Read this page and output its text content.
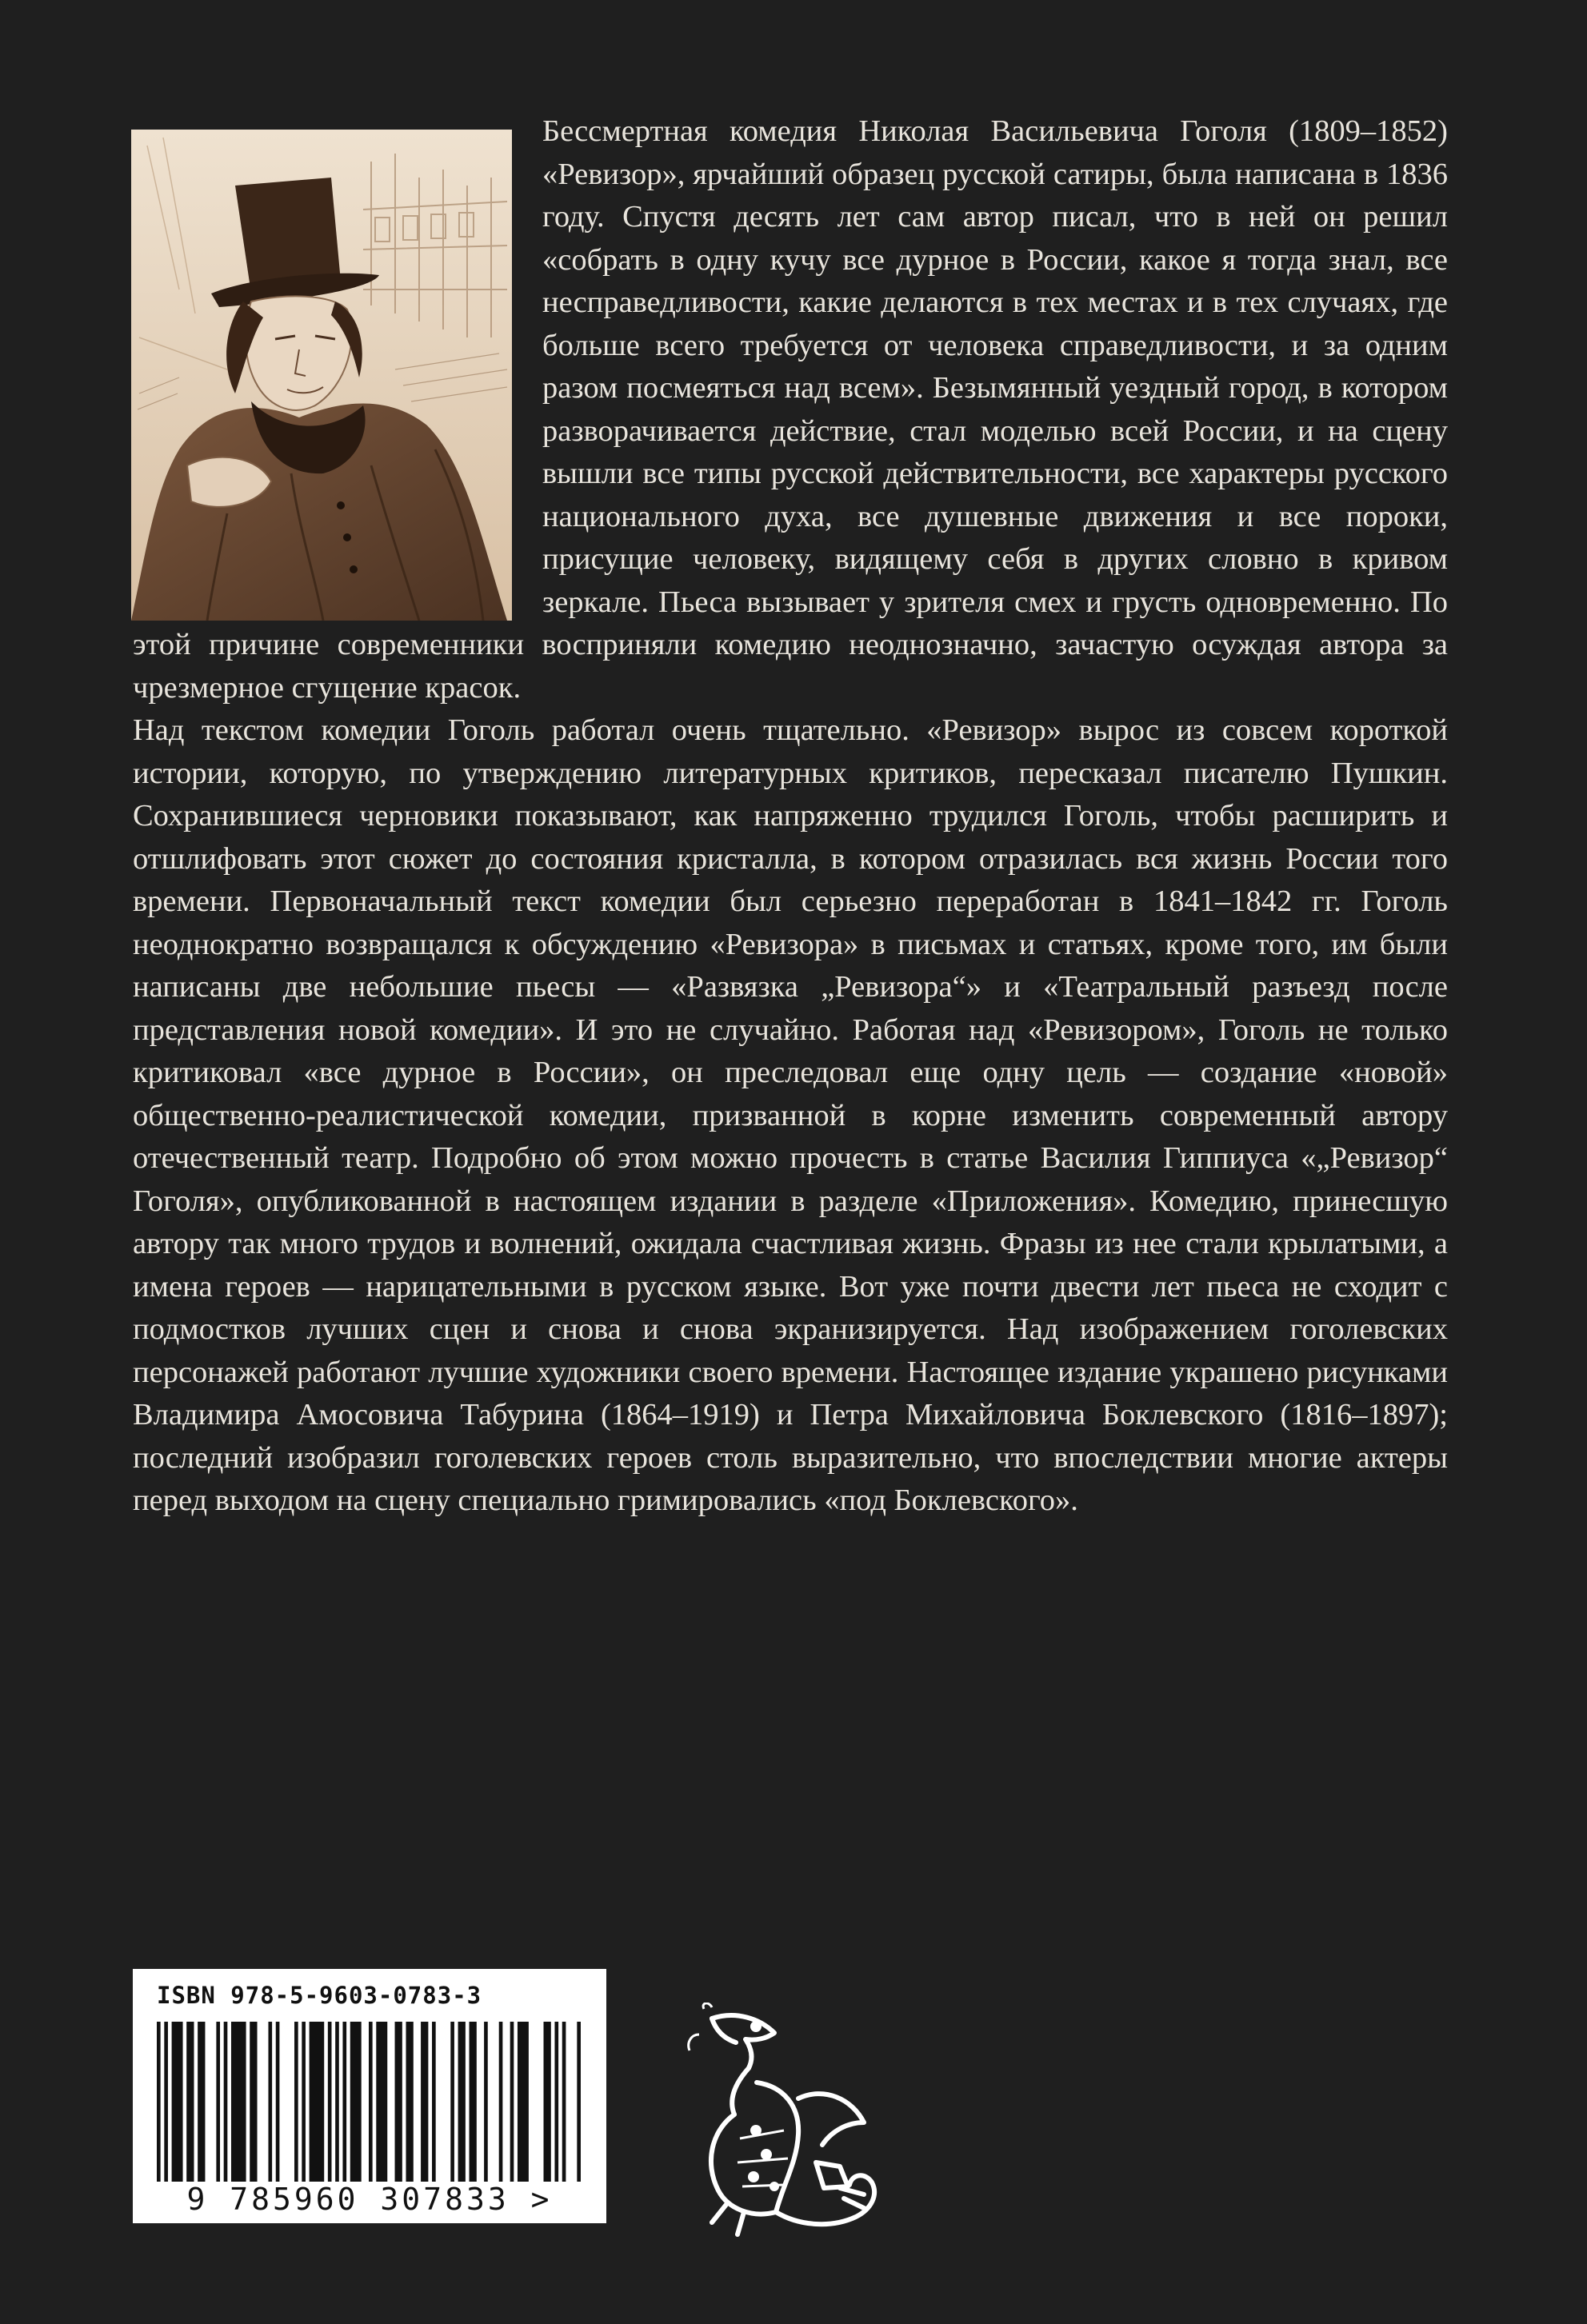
Бессмертная комедия Николая Васильевича Гоголя (1809–1852) «Ревизор», ярчайший образец русской сатиры, была написана в 1836 году. Спустя десять лет сам автор писал, что в ней он решил «собрать в одну кучу все дурное в России, какое я тогда знал, все несправедливости, какие делаются в тех местах и в тех случаях, где больше всего требуется от человека справедливости, и за одним разом посмеяться над всем». Безымянный уездный город, в котором разворачивается действие, стал моделью всей России, и на сцену вышли все типы русской действительности, все характеры русского национального духа, все душевные движения и все пороки, присущие человеку, видящему себя в других словно в кривом зеркале. Пьеса вызывает у зрителя смех и грусть одновременно. По этой причине современники восприняли комедию неоднозначно, зачастую осуждая автора за чрезмерное сгущение красок.

Над текстом комедии Гоголь работал очень тщательно. «Ревизор» вырос из совсем короткой истории, которую, по утверждению литературных критиков, пересказал писателю Пушкин. Сохранившиеся черновики показывают, как напряженно трудился Гоголь, чтобы расширить и отшлифовать этот сюжет до состояния кристалла, в котором отразилась вся жизнь России того времени. Первоначальный текст комедии был серьезно переработан в 1841–1842 гг. Гоголь неоднократно возвращался к обсуждению «Ревизора» в письмах и статьях, кроме того, им были написаны две небольшие пьесы — «Развязка „Ревизора“» и «Театральный разъезд после представления новой комедии». И это не случайно. Работая над «Ревизором», Гоголь не только критиковал «все дурное в России», он преследовал еще одну цель — создание «новой» общественно-реалистической комедии, призванной в корне изменить современный автору отечественный театр. Подробно об этом можно прочесть в статье Василия Гиппиуса «„Ревизор“ Гоголя», опубликованной в настоящем издании в разделе «Приложения». Комедию, принесшую автору так много трудов и волнений, ожидала счастливая жизнь. Фразы из нее стали крылатыми, а имена героев — нарицательными в русском языке. Вот уже почти двести лет пьеса не сходит с подмостков лучших сцен и снова и снова экранизируется. Над изображением гоголевских персонажей работают лучшие художники своего времени. Настоящее издание украшено рисунками Владимира Амосовича Табурина (1864–1919) и Петра Михайловича Боклевского (1816–1897); последний изобразил гоголевских героев столь выразительно, что впоследствии многие актеры перед выходом на сцену специально гримировались «под Боклевского».

ISBN 978-5-9603-0783-3
9 785960 307833 >
